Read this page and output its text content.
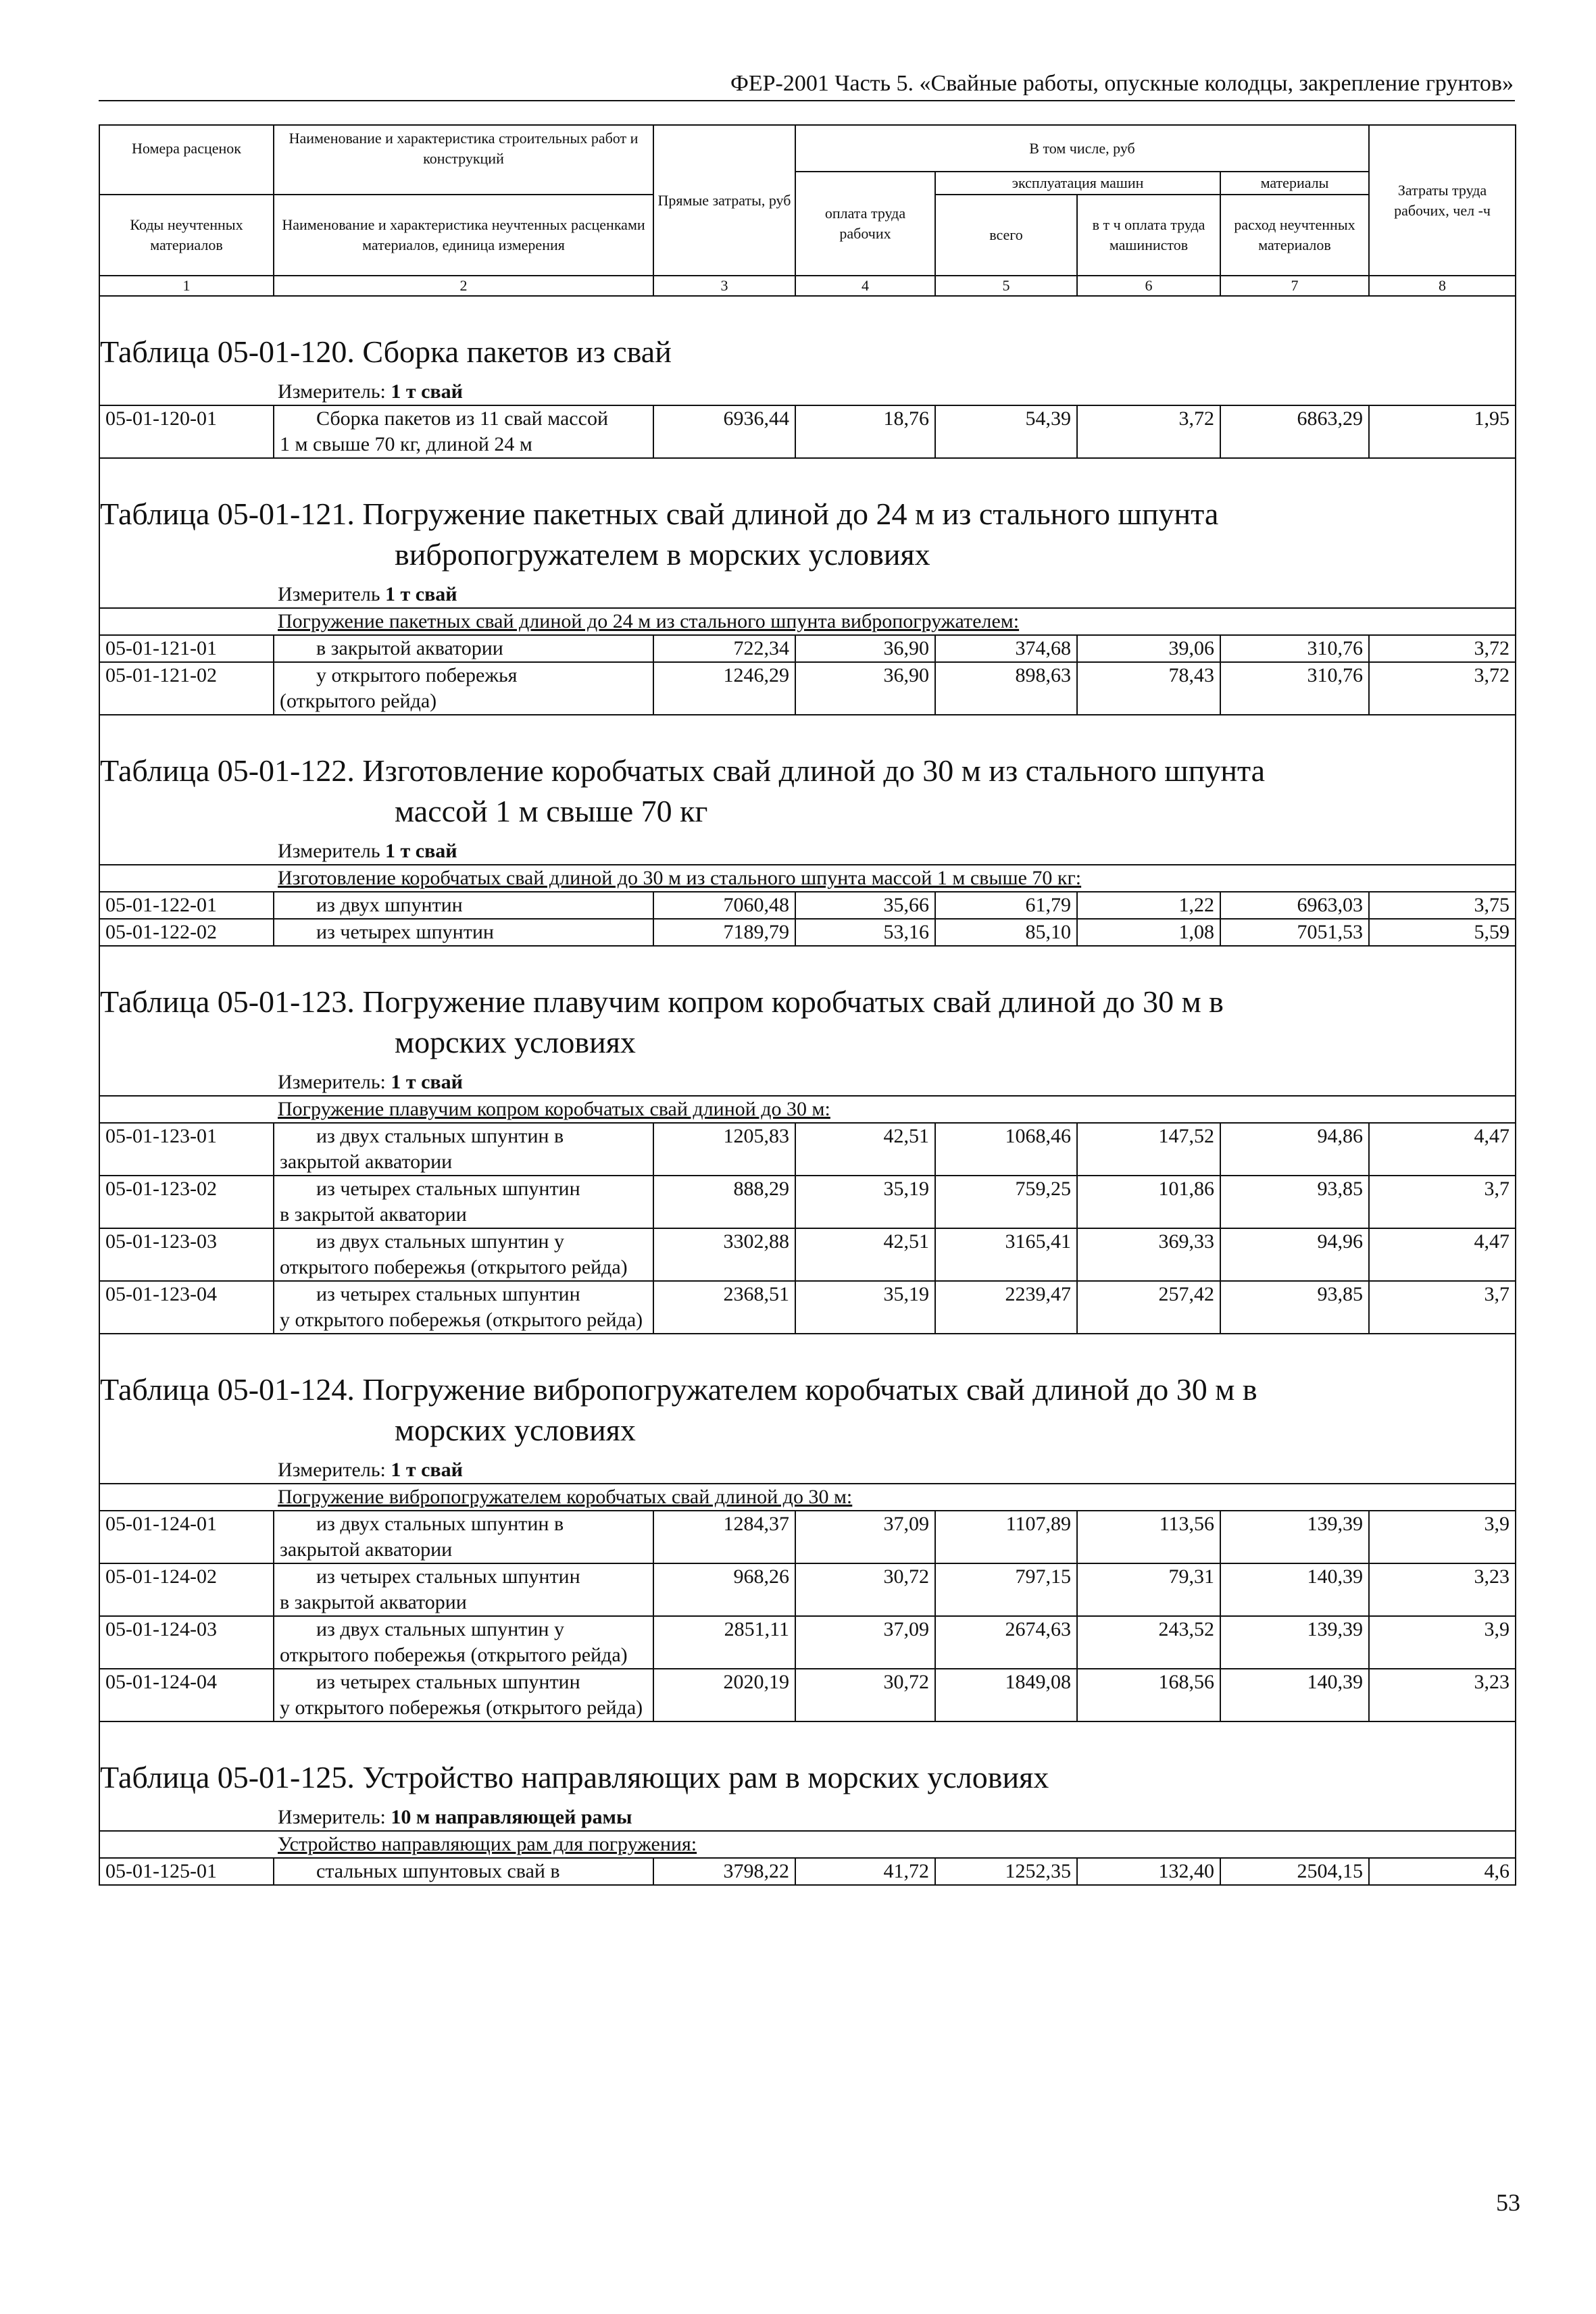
ФЕР-2001 Часть 5. «Свайные работы, опускные колодцы, закрепление грунтов»
Номера расценок	Наименование и характеристика строительных работ и конструкций	Прямые затраты, руб	В том числе, руб				Затраты труда рабочих, чел -ч
			оплата труда рабочих	эксплуатация машин		материалы	
Коды неучтенных материалов	Наименование и характеристика неучтенных расценками материалов, единица измерения			всего	в т ч оплата труда машинистов	расход неучтенных материалов	

1	2	3	4	5	6	7	8
Таблица 05-01-120. Сборка пакетов из свай							
Измеритель: 1 т свай							
05-01-120-01	Сборка пакетов из 11 свай массой
1 м свыше 70 кг, длиной 24 м	6936,44	18,76	54,39	3,72	6863,29	1,95
Таблица 05-01-121. Погружение пакетных свай длиной до 24 м из стального шпунта
вибропогружателем в морских условиях							

Измеритель 1 т свай							
Погружение пакетных свай длиной до 24 м из стального шпунта вибропогружателем:							
05-01-121-01	в закрытой акватории	722,34	36,90	374,68	39,06	310,76	3,72
05-01-121-02	у открытого побережья
(открытого рейда)	1246,29	36,90	898,63	78,43	310,76	3,72
Таблица 05-01-122. Изготовление коробчатых свай длиной до 30 м из стального шпунта
массой 1 м свыше 70 кг							

Измеритель 1 т свай							
Изготовление коробчатых свай длиной до 30 м из стального шпунта массой 1 м свыше 70 кг:							
05-01-122-01	из двух шпунтин	7060,48	35,66	61,79	1,22	6963,03	3,75
05-01-122-02	из четырех шпунтин	7189,79	53,16	85,10	1,08	7051,53	5,59
Таблица 05-01-123. Погружение плавучим копром коробчатых свай длиной до 30 м в
морских условиях							

Измеритель: 1 т свай							
Погружение плавучим копром коробчатых свай длиной до 30 м:							
05-01-123-01	из двух стальных шпунтин в
закрытой акватории	1205,83	42,51	1068,46	147,52	94,86	4,47
05-01-123-02	из четырех стальных шпунтин
в закрытой акватории	888,29	35,19	759,25	101,86	93,85	3,7
05-01-123-03	из двух стальных шпунтин у
открытого побережья (открытого рейда)	3302,88	42,51	3165,41	369,33	94,96	4,47
05-01-123-04	из четырех стальных шпунтин
у открытого побережья (открытого рейда)	2368,51	35,19	2239,47	257,42	93,85	3,7
Таблица 05-01-124. Погружение вибропогружателем коробчатых свай длиной до 30 м в
морских условиях							

Измеритель: 1 т свай							
Погружение вибропогружателем коробчатых свай длиной до 30 м:							
05-01-124-01	из двух стальных шпунтин в
закрытой акватории	1284,37	37,09	1107,89	113,56	139,39	3,9
05-01-124-02	из четырех стальных шпунтин
в закрытой акватории	968,26	30,72	797,15	79,31	140,39	3,23
05-01-124-03	из двух стальных шпунтин у
открытого побережья (открытого рейда)	2851,11	37,09	2674,63	243,52	139,39	3,9
05-01-124-04	из четырех стальных шпунтин
у открытого побережья (открытого рейда)	2020,19	30,72	1849,08	168,56	140,39	3,23
Таблица 05-01-125. Устройство направляющих рам в морских условиях							
Измеритель: 10 м направляющей рамы							
Устройство направляющих рам для погружения:							
05-01-125-01	стальных шпунтовых свай в	3798,22	41,72	1252,35	132,40	2504,15	4,6
53
